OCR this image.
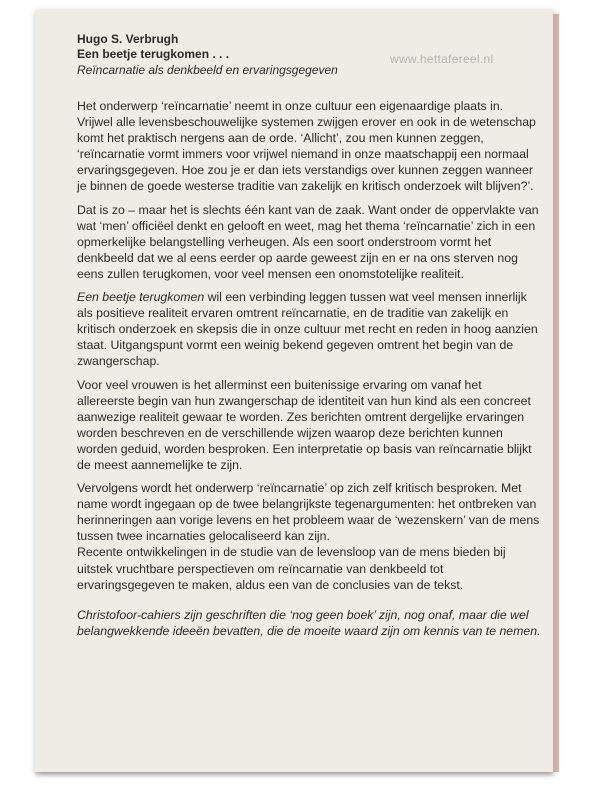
Hugo S. Verbrugh
Een beetje terugkomen . . .
Reïncarnatie als denkbeeld en ervaringsgegeven

Het onderwerp ‘reïncarnatie’ neemt in onze cultuur een eigenaardige plaats in. Vrijwel alle levensbeschouwelijke systemen zwijgen erover en ook in de wetenschap komt het praktisch nergens aan de orde. ‘Allicht’, zou men kunnen zeggen, ‘reïncarnatie vormt immers voor vrijwel niemand in onze maatschappij een normaal ervaringsgegeven. Hoe zou je er dan iets verstandigs over kunnen zeggen wanneer je binnen de goede westerse traditie van zakelijk en kritisch onderzoek wilt blijven?’.

Dat is zo – maar het is slechts één kant van de zaak. Want onder de oppervlakte van wat ‘men’ officiëel denkt en gelooft en weet, mag het thema ‘reïncarnatie’ zich in een opmerkelijke belangstelling verheugen. Als een soort onderstroom vormt het denkbeeld dat we al eens eerder op aarde geweest zijn en er na ons sterven nog eens zullen terugkomen, voor veel mensen een onomstotelijke realiteit.

Een beetje terugkomen wil een verbinding leggen tussen wat veel mensen innerlijk als positieve realiteit ervaren omtrent reïncarnatie, en de traditie van zakelijk en kritisch onderzoek en skepsis die in onze cultuur met recht en reden in hoog aanzien staat. Uitgangspunt vormt een weinig bekend gegeven omtrent het begin van de zwangerschap.

Voor veel vrouwen is het allerminst een buitenissige ervaring om vanaf het allereerste begin van hun zwangerschap de identiteit van hun kind als een concreet aanwezige realiteit gewaar te worden. Zes berichten omtrent dergelijke ervaringen worden beschreven en de verschillende wijzen waarop deze berichten kunnen worden geduid, worden besproken. Een interpretatie op basis van reïncarnatie blijkt de meest aannemelijke te zijn.

Vervolgens wordt het onderwerp ‘reïncarnatie’ op zich zelf kritisch besproken. Met name wordt ingegaan op de twee belangrijkste tegenargumenten: het ontbreken van herinneringen aan vorige levens en het probleem waar de ‘wezenskern’ van de mens tussen twee incarnaties gelocaliseerd kan zijn.

Recente ontwikkelingen in de studie van de levensloop van de mens bieden bij uitstek vruchtbare perspectieven om reïncarnatie van denkbeeld tot ervaringsgegeven te maken, aldus een van de conclusies van de tekst.

Christofoor-cahiers zijn geschriften die ‘nog geen boek’ zijn, nog onaf, maar die wel belangwekkende ideeën bevatten, die de moeite waard zijn om kennis van te nemen.

www.hettafereel.nl
